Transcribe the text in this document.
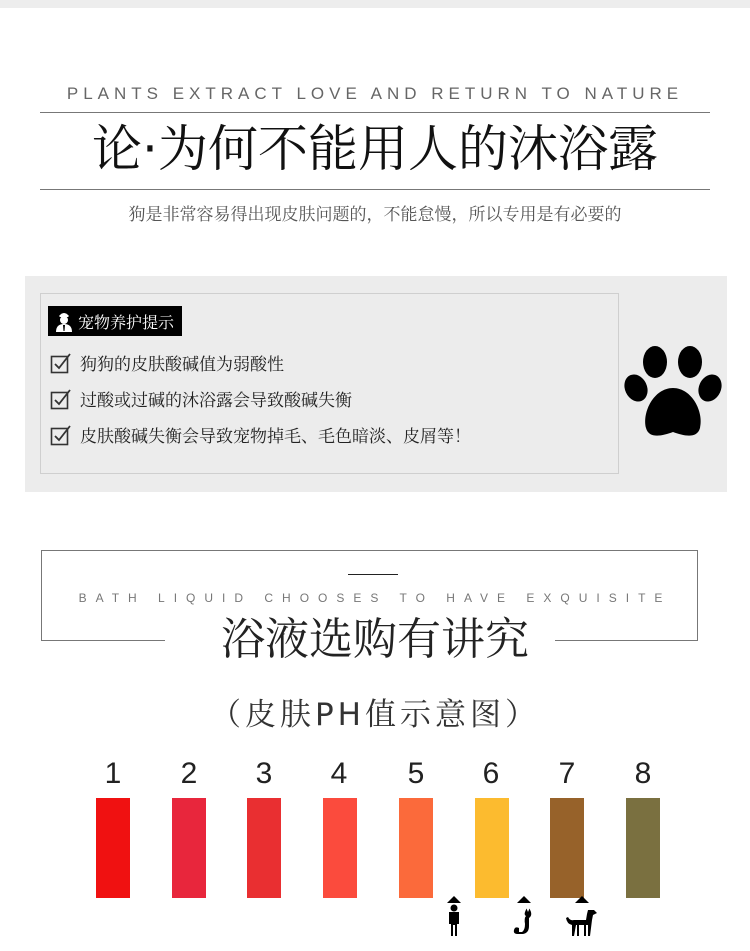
PLANTS EXTRACT LOVE AND RETURN TO NATURE
论·为何不能用人的沐浴露
狗是非常容易得出现皮肤问题的，不能怠慢，所以专用是有必要的
宠物养护提示
狗狗的皮肤酸碱值为弱酸性
过酸或过碱的沐浴露会导致酸碱失衡
皮肤酸碱失衡会导致宠物掉毛、毛色暗淡、皮屑等！
BATH LIQUID CHOOSES TO HAVE EXQUISITE
浴液选购有讲究
（皮肤PH值示意图）
1	2	3	4	5	6	7	8
